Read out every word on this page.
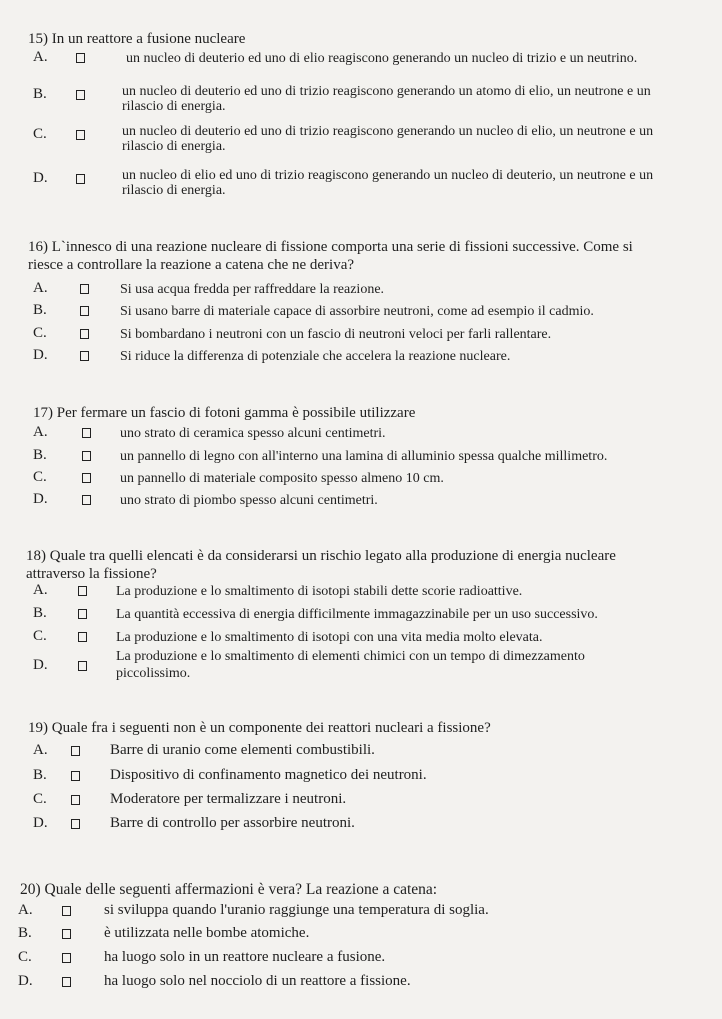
15) In un reattore a fusione nucleare
A.	un nucleo di deuterio ed uno di elio reagiscono generando un nucleo di trizio e un neutrino.
B.	un nucleo di deuterio ed uno di trizio reagiscono generando un atomo di elio, un neutrone e un rilascio di energia.
C.	un nucleo di deuterio ed uno di trizio reagiscono generando un nucleo di elio, un neutrone e un rilascio di energia.
D.	un nucleo di elio ed uno di trizio reagiscono generando un nucleo di deuterio, un neutrone e un rilascio di energia.
16) L`innesco di una reazione nucleare di fissione comporta una serie di fissioni successive. Come si riesce a controllare la reazione a catena che ne deriva?
A.	Si usa acqua fredda per raffreddare la reazione.
B.	Si usano barre di materiale capace di assorbire neutroni, come ad esempio il cadmio.
C.	Si bombardano i neutroni con un fascio di neutroni veloci per farli rallentare.
D.	Si riduce la differenza di potenziale che accelera la reazione nucleare.
17) Per fermare un fascio di fotoni gamma è possibile utilizzare
A.	uno strato di ceramica spesso alcuni centimetri.
B.	un pannello di legno con all'interno una lamina di alluminio spessa qualche millimetro.
C.	un pannello di materiale composito spesso almeno 10 cm.
D.	uno strato di piombo spesso alcuni centimetri.
18) Quale tra quelli elencati è da considerarsi un rischio legato alla produzione di energia nucleare attraverso la fissione?
A.	La produzione e lo smaltimento di isotopi stabili dette scorie radioattive.
B.	La quantità eccessiva di energia difficilmente immagazzinabile per un uso successivo.
C.	La produzione e lo smaltimento di isotopi con una vita media molto elevata.
D.
La produzione e lo smaltimento di elementi chimici con un tempo di dimezzamento piccolissimo.
19) Quale fra i seguenti non è un componente dei reattori nucleari a fissione?
A.	Barre di uranio come elementi combustibili.
B.	Dispositivo di confinamento magnetico dei neutroni.
C.	Moderatore per termalizzare i neutroni.
D.	Barre di controllo per assorbire neutroni.
20) Quale delle seguenti affermazioni è vera? La reazione a catena:
A.	si sviluppa quando l'uranio raggiunge una temperatura di soglia.
B.	è utilizzata nelle bombe atomiche.
C.	ha luogo solo in un reattore nucleare a fusione.
D.	ha luogo solo nel nocciolo di un reattore a fissione.
